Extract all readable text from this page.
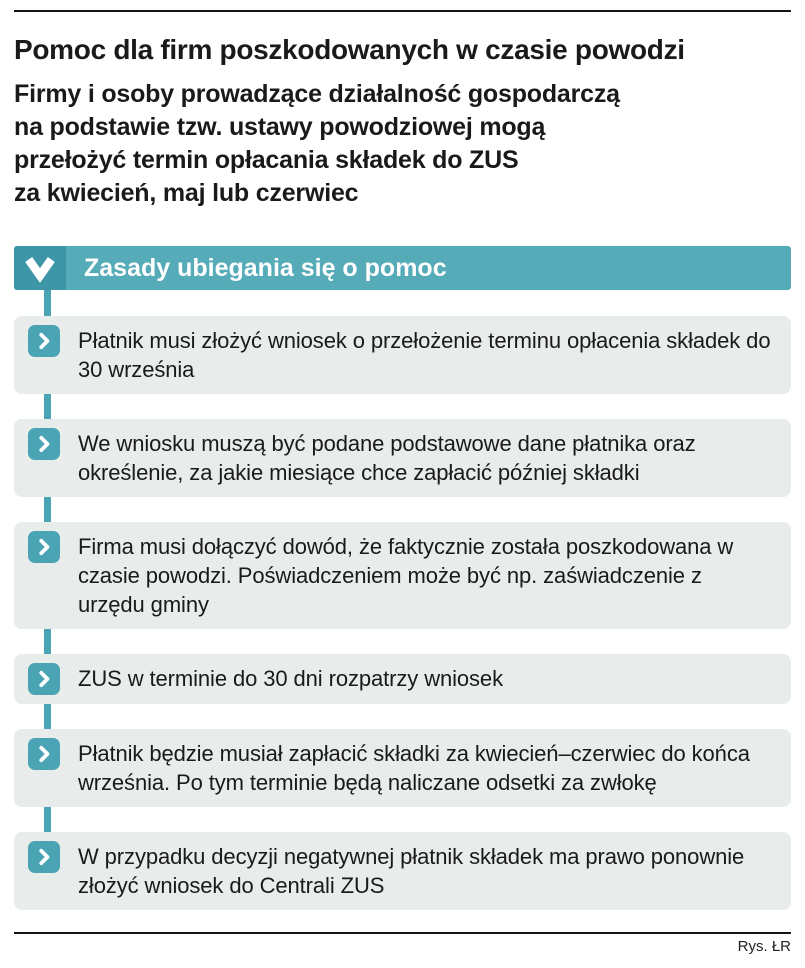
Pomoc dla firm poszkodowanych w czasie powodzi
Firmy i osoby prowadzące działalność gospodarczą
na podstawie tzw. ustawy powodziowej mogą
przełożyć termin opłacania składek do ZUS
za kwiecień, maj lub czerwiec
Zasady ubiegania się o pomoc

Płatnik musi złożyć wniosek o przełożenie terminu opłacenia składek do 30 września

We wniosku muszą być podane podstawowe dane płatnika oraz określenie, za jakie miesiące chce zapłacić później składki

Firma musi dołączyć dowód, że faktycznie została poszkodowana w czasie powodzi. Poświadczeniem może być np. zaświadczenie z urzędu gminy

ZUS w terminie do 30 dni rozpatrzy wniosek

Płatnik będzie musiał zapłacić składki za kwiecień–czerwiec do końca września. Po tym terminie będą naliczane odsetki za zwłokę

W przypadku decyzji negatywnej płatnik składek ma prawo ponownie złożyć wniosek do Centrali ZUS

Rys. ŁR
